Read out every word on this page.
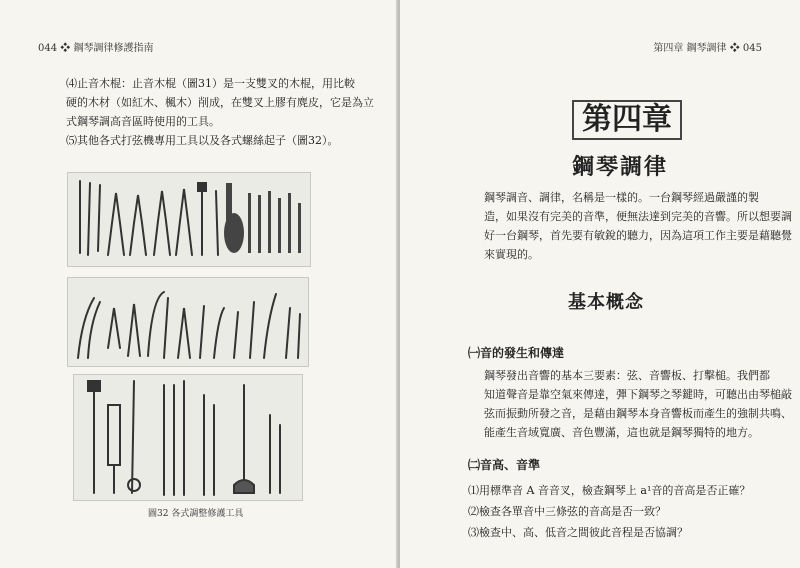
044 ❖ 鋼琴調律修護指南
⑷止音木棍：止音木棍（圖31）是一支雙叉的木棍，用比較
硬的木材（如紅木、楓木）削成，在雙叉上膠有麂皮，它是為立
式鋼琴調高音區時使用的工具。
⑸其他各式打弦機專用工具以及各式螺絲起子（圖32）。
圖32 各式調整修護工具
第四章 鋼琴調律 ❖ 045
第四章
鋼琴調律
鋼琴調音、調律，名稱是一樣的。一台鋼琴經過嚴謹的製
造，如果沒有完美的音準，便無法達到完美的音響。所以想要調
好一台鋼琴，首先要有敏銳的聽力，因為這項工作主要是藉聽覺
來實現的。
基本概念
㈠音的發生和傳達
鋼琴發出音響的基本三要素：弦、音響板、打擊槌。我們都
知道聲音是靠空氣來傳達，彈下鋼琴之琴鍵時，可聽出由琴槌敲
弦而振動所發之音，是藉由鋼琴本身音響板而產生的強制共鳴、
能產生音域寬廣、音色豐滿，這也就是鋼琴獨特的地方。
㈡音高、音準
⑴用標準音 A 音音叉，檢查鋼琴上 a¹音的音高是否正確？
⑵檢查各單音中三條弦的音高是否一致？
⑶檢查中、高、低音之間彼此音程是否協調？
